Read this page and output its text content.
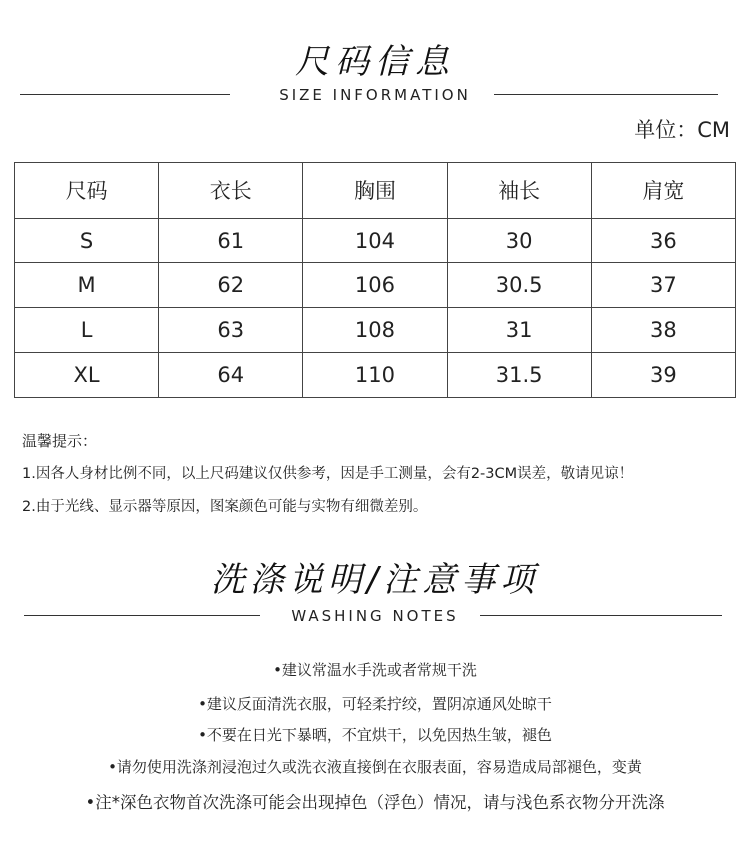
尺码信息
SIZE INFORMATION
单位：CM
尺码	衣长	胸围	袖长	肩宽
S	61	104	30	36
M	62	106	30.5	37
L	63	108	31	38
XL	64	110	31.5	39
温馨提示：
1.因各人身材比例不同，以上尺码建议仅供参考，因是手工测量，会有2-3CM误差，敬请见谅！
2.由于光线、显示器等原因，图案颜色可能与实物有细微差别。
洗涤说明/注意事项
WASHING NOTES
•建议常温水手洗或者常规干洗
•建议反面清洗衣服，可轻柔拧绞，置阴凉通风处晾干
•不要在日光下暴晒，不宜烘干，以免因热生皱，褪色
•请勿使用洗涤剂浸泡过久或洗衣液直接倒在衣服表面，容易造成局部褪色，变黄
•注*深色衣物首次洗涤可能会出现掉色（浮色）情况，请与浅色系衣物分开洗涤
